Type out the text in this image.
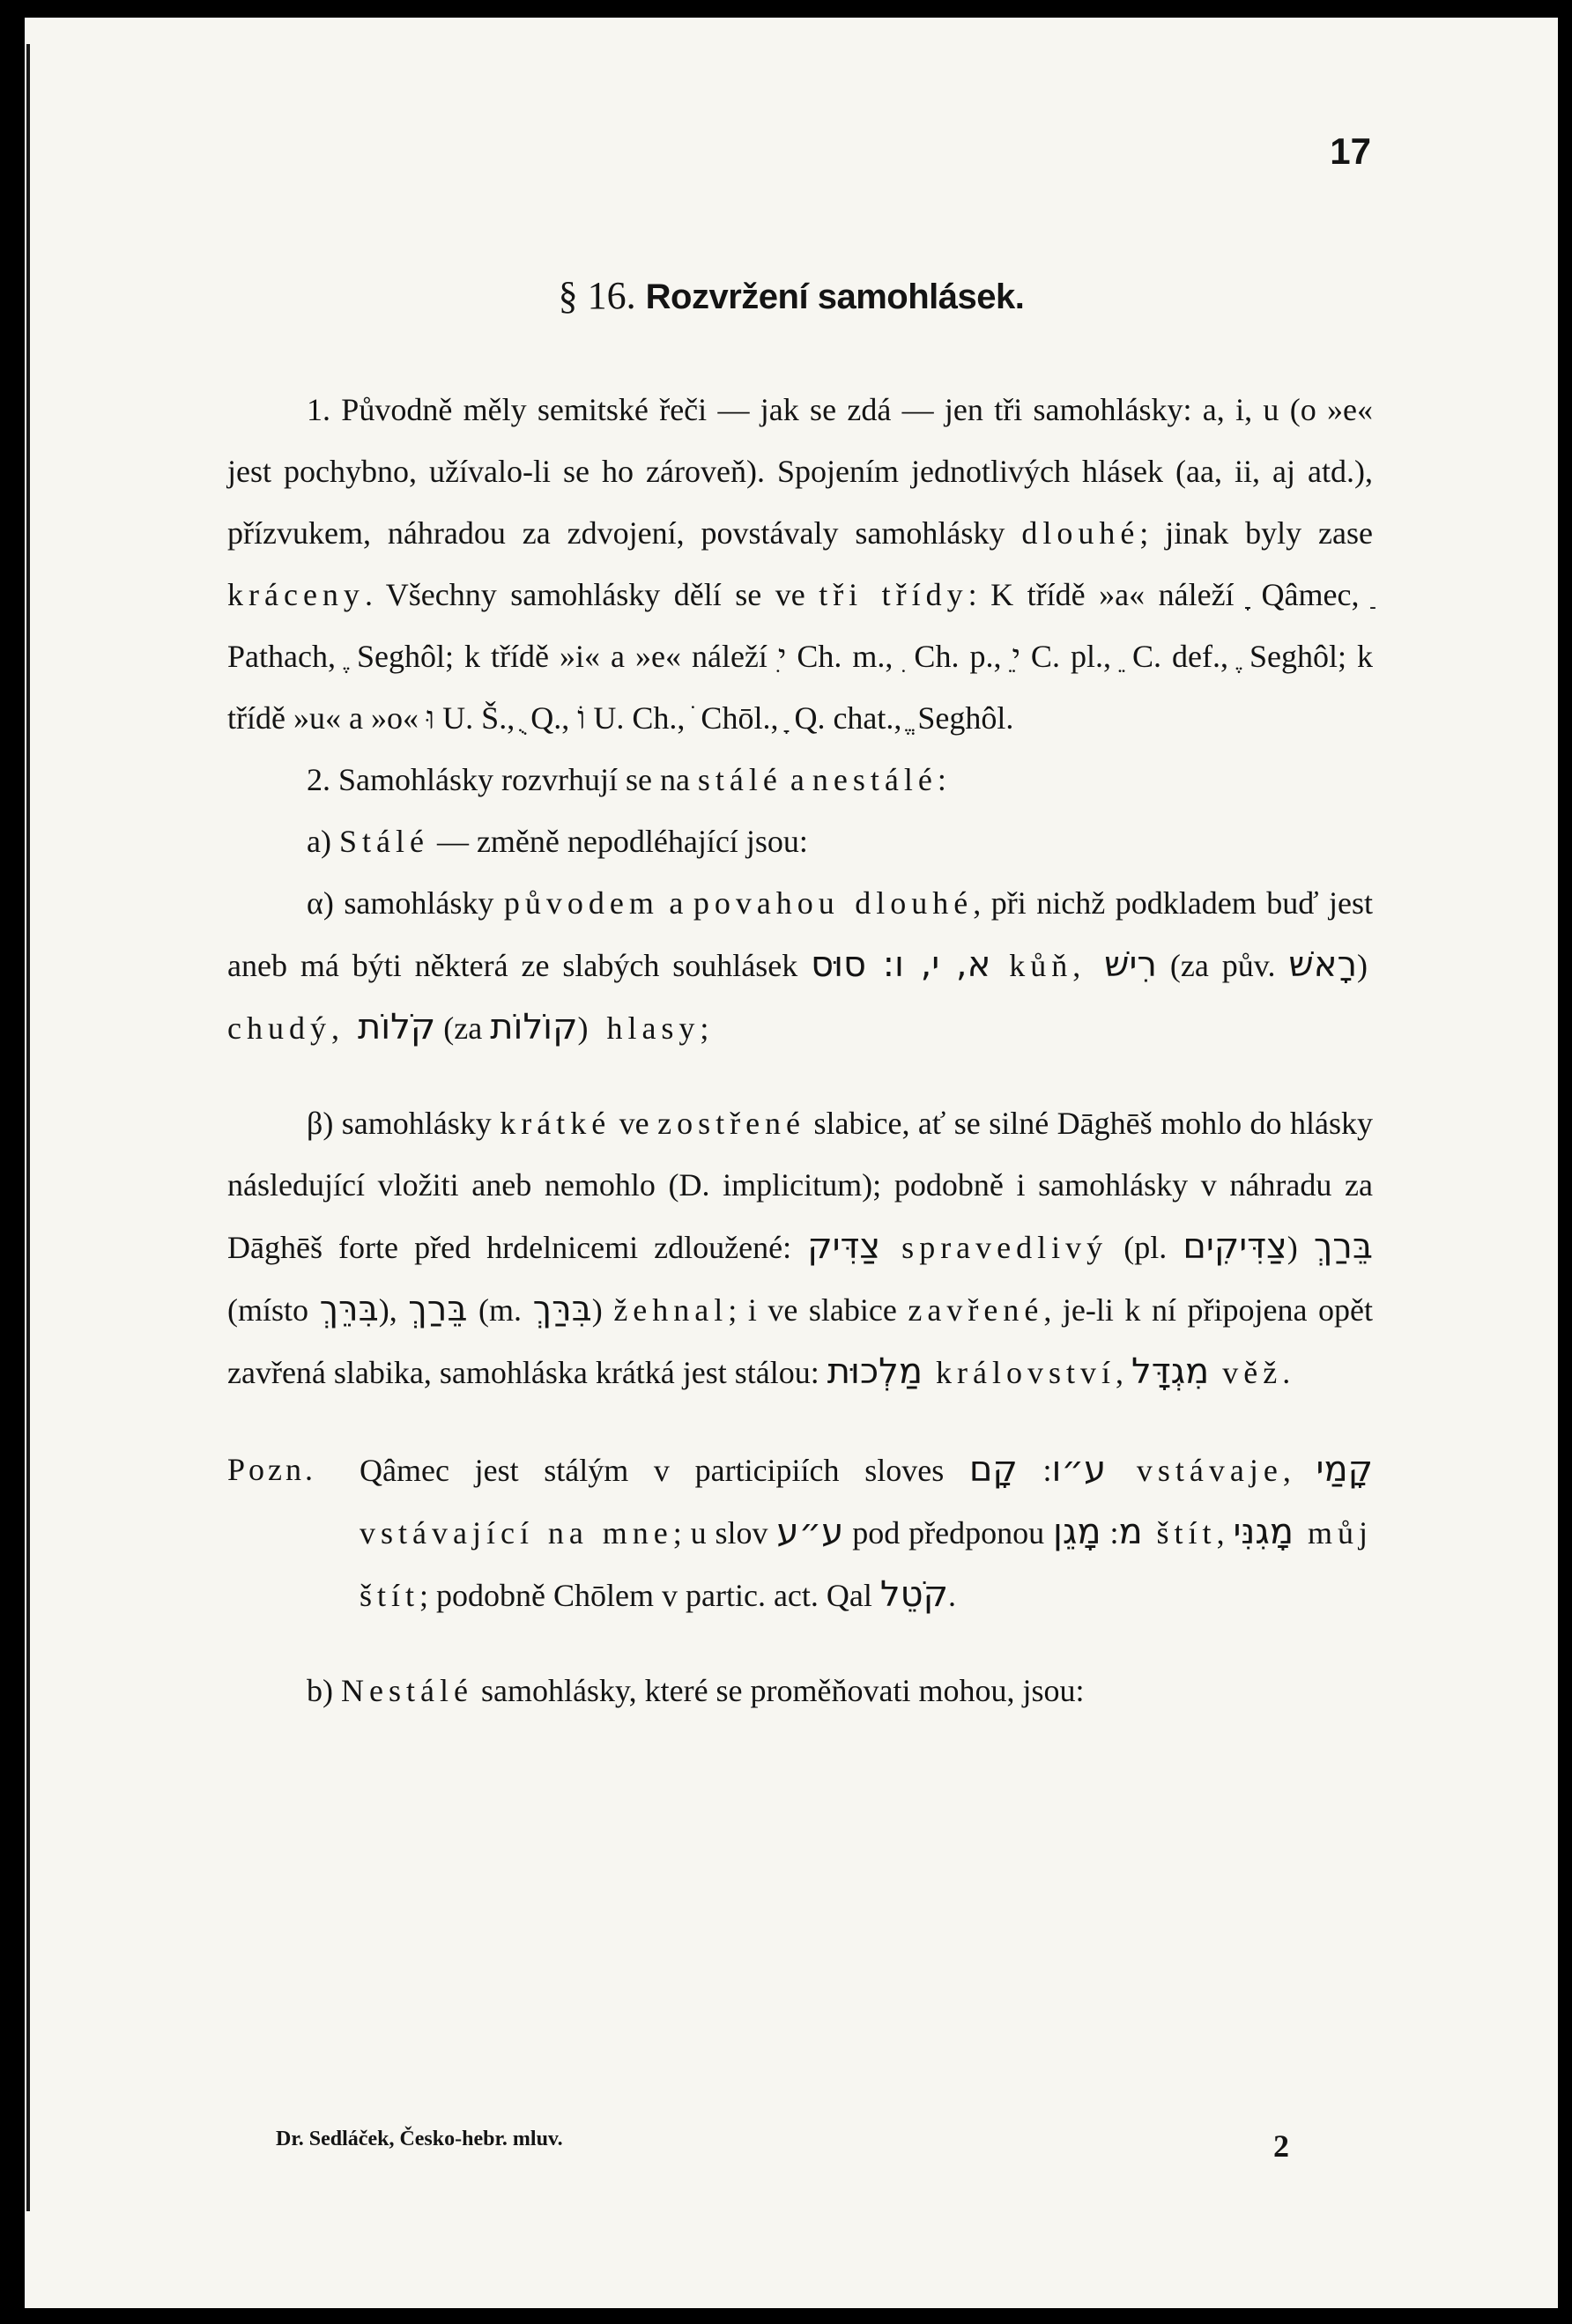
17
§ 16. Rozvržení samohlásek.

1. Původně měly semitské řeči — jak se zdá — jen tři samohlásky: a, i, u (o »e« jest pochybno, užívalo-li se ho zároveň). Spojením jednotlivých hlásek (aa, ii, aj atd.), přízvukem, náhradou za zdvojení, povstávaly samohlásky dlouhé; jinak byly zase kráceny. Všechny samohlásky dělí se ve tři třídy: K třídě »a« náleží ַָ Qâmec, ַ Pathach, ֶ Seghôl; k třídě »i« a »e« náleží ִי Ch. m., ִ Ch. p., ֵי C. pl., ֵ C. def., ֶ Seghôl; k třídě »u« a »o« וּ U. Š., ֻ Q., וֹ U. Ch., ֹ Chōl., ָ Q. chat., ֱ Seghôl.

2. Samohlásky rozvrhují se na stálé a nestálé:

a) Stálé — změně nepodléhající jsou:

α) samohlásky původem a povahou dlouhé, při nichž podkladem buď jest aneb má býti některá ze slabých souhlásek א, י, ו: סוּס	kůň, רִישׁ (za pův. רָאשׁ) chudý, קֹלוֹת (za קוֹלוֹת) hlasy;

β) samohlásky krátké ve zostřené slabice, ať se silné Dāghēš mohlo do hlásky následující vložiti aneb nemohlo (D. implicitum); podobně i samohlásky v náhradu za Dāghēš forte před hrdelnicemi zdloužené: צַדִּיק spravedlivý (pl. צַדִּיקִים) בֵּרַךְ (místo בִּרֵּךְ), בֵּרַךְ (m. בִּרַּךְ) žehnal; i ve slabice zavřené, je-li k ní připojena opět zavřená slabika, samohláska krátká jest stálou: מַלְכוּת království, מִגְדָּל věž.

Pozn.	Qâmec jest stálým v participiích sloves ע״ו: קָם	vstávaje, קָמַי vstávající na mne; u slov ע״ע pod předponou מ: מָגֵן štít, מָגִנִּי můj štít; podobně Chōlem v partic. act. Qal קֹטֵל.

b) Nestálé samohlásky, které se proměňovati mohou, jsou:

Dr. Sedláček, Česko-hebr. mluv.	2
